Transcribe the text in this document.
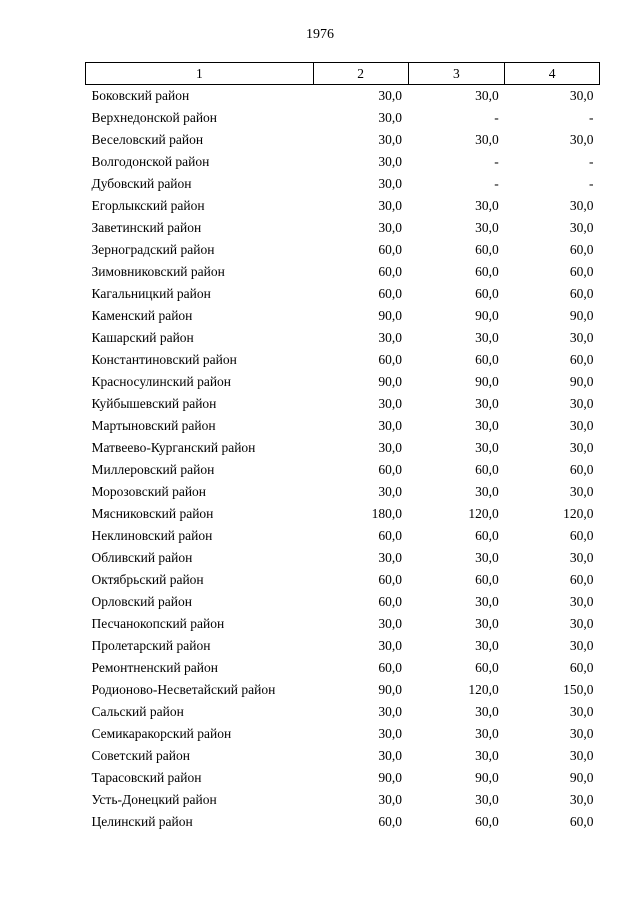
1976
1	2	3	4
Боковский район	30,0	30,0	30,0
Верхнедонской район	30,0	-	-
Веселовский район	30,0	30,0	30,0
Волгодонской район	30,0	-	-
Дубовский район	30,0	-	-
Егорлыкский район	30,0	30,0	30,0
Заветинский район	30,0	30,0	30,0
Зерноградский район	60,0	60,0	60,0
Зимовниковский район	60,0	60,0	60,0
Кагальницкий район	60,0	60,0	60,0
Каменский район	90,0	90,0	90,0
Кашарский район	30,0	30,0	30,0
Константиновский район	60,0	60,0	60,0
Красносулинский район	90,0	90,0	90,0
Куйбышевский район	30,0	30,0	30,0
Мартыновский район	30,0	30,0	30,0
Матвеево-Курганский район	30,0	30,0	30,0
Миллеровский район	60,0	60,0	60,0
Морозовский район	30,0	30,0	30,0
Мясниковский район	180,0	120,0	120,0
Неклиновский район	60,0	60,0	60,0
Обливский район	30,0	30,0	30,0
Октябрьский район	60,0	60,0	60,0
Орловский район	60,0	30,0	30,0
Песчанокопский район	30,0	30,0	30,0
Пролетарский район	30,0	30,0	30,0
Ремонтненский район	60,0	60,0	60,0
Родионово-Несветайский район	90,0	120,0	150,0
Сальский район	30,0	30,0	30,0
Семикаракорский район	30,0	30,0	30,0
Советский район	30,0	30,0	30,0
Тарасовский район	90,0	90,0	90,0
Усть-Донецкий район	30,0	30,0	30,0
Целинский район	60,0	60,0	60,0
